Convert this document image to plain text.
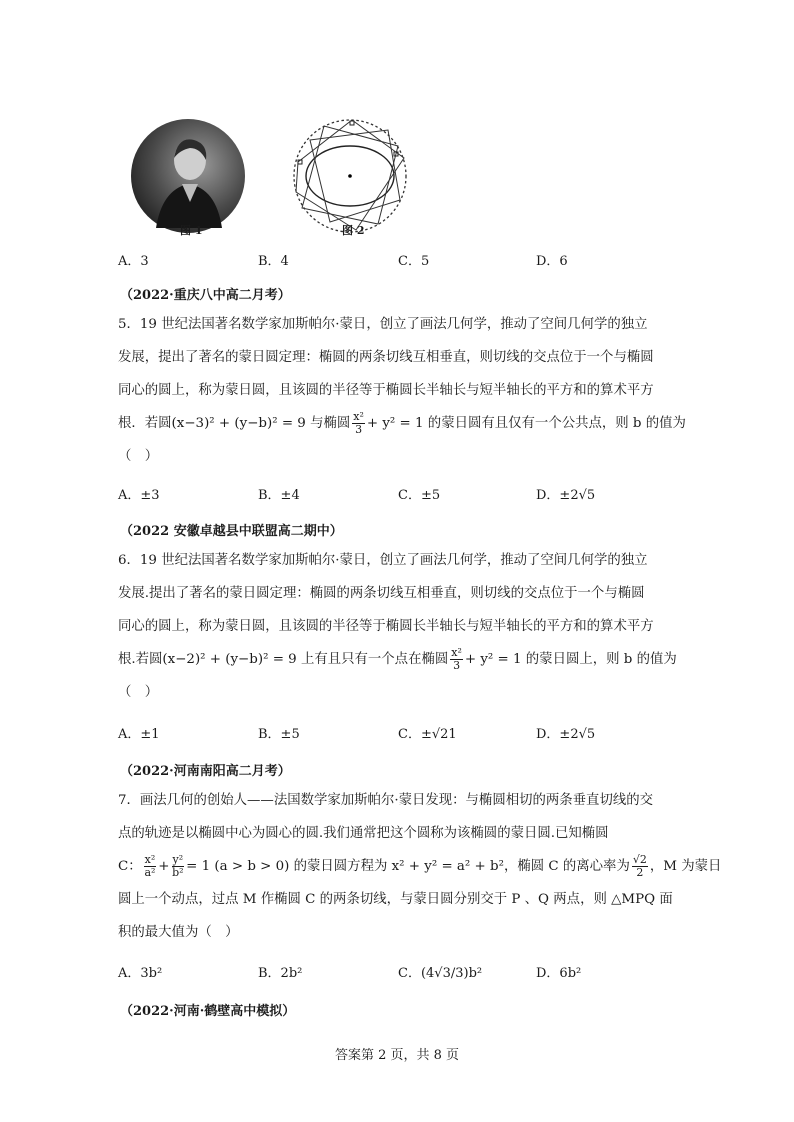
图 1	图 2
A．3	B．4	C．5	D．6
（2022·重庆八中高二月考）
5．19 世纪法国著名数学家加斯帕尔·蒙日，创立了画法几何学，推动了空间几何学的独立
发展，提出了著名的蒙日圆定理：椭圆的两条切线互相垂直，则切线的交点位于一个与椭圆
同心的圆上，称为蒙日圆，且该圆的半径等于椭圆长半轴长与短半轴长的平方和的算术平方
根．若圆(x−3)² + (y−b)² = 9 与椭圆 $\frac{\text{x²}}{3} + y^2 = 1$ 的蒙日圆有且仅有一个公共点，则 b 的值为
（　）
A．±3	B．±4	C．±5	D．±2√5
（2022 安徽卓越县中联盟高二期中）
6．19 世纪法国著名数学家加斯帕尔·蒙日，创立了画法几何学，推动了空间几何学的独立
发展.提出了著名的蒙日圆定理：椭圆的两条切线互相垂直，则切线的交点位于一个与椭圆
同心的圆上，称为蒙日圆，且该圆的半径等于椭圆长半轴长与短半轴长的平方和的算术平方
根.若圆(x−2)² + (y−b)² = 9 上有且只有一个点在椭圆 $\frac{\text{x²}}{3} + y^2 = 1$ 的蒙日圆上，则 b 的值为
（　）
A．±1	B．±5	C．±√21	D．±2√5
（2022·河南南阳高二月考）
7．画法几何的创始人——法国数学家加斯帕尔·蒙日发现：与椭圆相切的两条垂直切线的交
点的轨迹是以椭圆中心为圆心的圆.我们通常把这个圆称为该椭圆的蒙日圆.已知椭圆
C： $\frac{\text{x²}}{\text{a²}} + \frac{\text{y²}}{\text{b²}} = 1$ (a > b > 0) 的蒙日圆方程为 x² + y² = a² + b²，椭圆 C 的离心率为 $\frac{√2}{2}$ ，M 为蒙日
圆上一个动点，过点 M 作椭圆 C 的两条切线，与蒙日圆分别交于 P 、Q 两点，则 △MPQ 面
积的最大值为（　）
A．3b²	B．2b²	C．(4√3/3)b²	D．6b²
（2022·河南·鹤壁高中模拟）
答案第 2 页，共 8 页
